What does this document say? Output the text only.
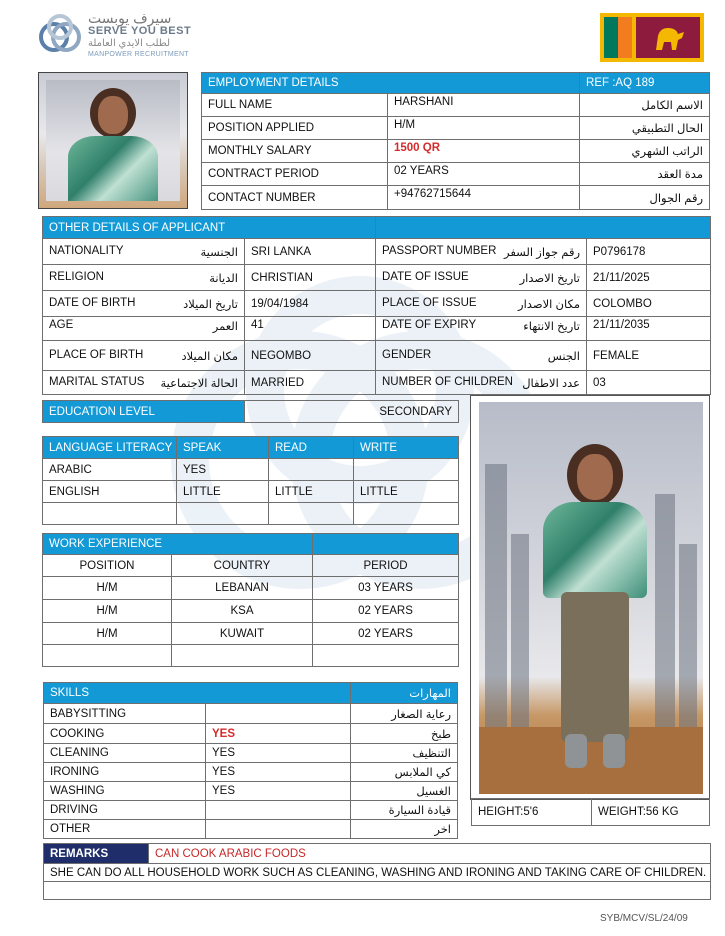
سيرف يوبست
SERVE YOU BEST
لطلب الايدي العاملة
MANPOWER RECRUITMENT
EMPLOYMENT DETAILS		REF :AQ 189
FULL NAME	HARSHANI	الاسم الكامل
POSITION APPLIED	H/M	الحال التطبيقي
MONTHLY SALARY	1500 QR	الراتب الشهري
CONTRACT PERIOD	02 YEARS	مدة العقد
CONTACT NUMBER	+94762715644	رقم الجوال
OTHER DETAILS OF APPLICANT			

NATIONALITY الجنسية	SRI LANKA	PASSPORT NUMBER رقم جواز السفر	P0796178

RELIGION الديانة	CHRISTIAN	DATE OF ISSUE تاريخ الاصدار	21/11/2025

DATE OF BIRTH تاريخ الميلاد	19/04/1984	PLACE OF ISSUE مكان الاصدار	COLOMBO

AGE العمر	41	DATE OF EXPIRY تاريخ الانتهاء	21/11/2035

PLACE OF BIRTH مكان الميلاد	NEGOMBO	GENDER الجنس	FEMALE

MARITAL STATUS الحالة الاجتماعية	MARRIED	NUMBER OF CHILDREN عدد الاطفال	03
EDUCATION LEVEL	SECONDARY
LANGUAGE LITERACY	SPEAK	READ	WRITE
ARABIC	YES		
ENGLISH	LITTLE	LITTLE	LITTLE

WORK EXPERIENCE		
POSITION	COUNTRY	PERIOD
H/M	LEBANAN	03 YEARS
H/M	KSA	02 YEARS
H/M	KUWAIT	02 YEARS

SKILLS		المهارات
BABYSITTING		رعاية الصغار
COOKING	YES	طبخ
CLEANING	YES	التنظيف
IRONING	YES	كي الملابس
WASHING	YES	الغسيل
DRIVING		قيادة السيارة
OTHER		اخر
HEIGHT:5'6	WEIGHT:56 KG
REMARKS	CAN COOK ARABIC FOODS
SHE CAN DO ALL HOUSEHOLD WORK SUCH AS CLEANING, WASHING AND IRONING AND TAKING CARE OF CHILDREN.

SYB/MCV/SL/24/09
